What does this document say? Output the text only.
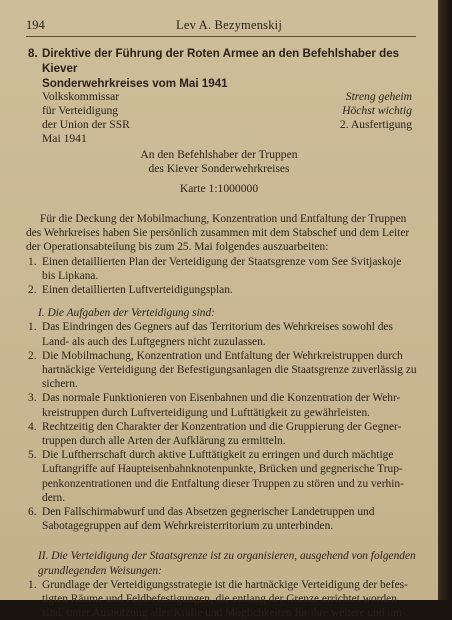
194	Lev A. Bezymenskij
8. Direktive der Führung der Roten Armee an den Befehlshaber des Kiever
Sonderwehrkreises vom Mai 1941
Volkskommissar
für Verteidigung
der Union der SSR
Mai 1941
Streng geheim
Höchst wichtig
2. Ausfertigung
An den Befehlshaber der Truppen
des Kiever Sonderwehrkreises
Karte 1:1000000

Für die Deckung der Mobilmachung, Konzentration und Entfaltung der Truppen

des Wehrkreises haben Sie persönlich zusammen mit dem Stabschef und dem Leiter

der Operationsabteilung bis zum 25. Mai folgendes auszuarbeiten:

1. Einen detaillierten Plan der Verteidigung der Staatsgrenze vom See Svitjaskoje
bis Lipkana.
2. Einen detaillierten Luftverteidigungsplan.

I. Die Aufgaben der Verteidigung sind:

1. Das Eindringen des Gegners auf das Territorium des Wehrkreises sowohl des
Land- als auch des Luftgegners nicht zuzulassen.
2. Die Mobilmachung, Konzentration und Entfaltung der Wehrkreistruppen durch
hartnäckige Verteidigung der Befestigungsanlagen die Staatsgrenze zuverlässig zu
sichern.
3. Das normale Funktionieren von Eisenbahnen und die Konzentration der Wehr-
kreistruppen durch Luftverteidigung und Lufttätigkeit zu gewährleisten.
4. Rechtzeitig den Charakter der Konzentration und die Gruppierung der Gegner-
truppen durch alle Arten der Aufklärung zu ermitteln.
5. Die Luftherrschaft durch aktive Lufttätigkeit zu erringen und durch mächtige
Luftangriffe auf Haupteisenbahnknotenpunkte, Brücken und gegnerische Trup-
penkonzentrationen und die Entfaltung dieser Truppen zu stören und zu verhin-
dern.
6. Den Fallschirmabwurf und das Absetzen gegnerischer Landetruppen und
Sabotagegruppen auf dem Wehrkreisterritorium zu unterbinden.

II. Die Verteidigung der Staatsgrenze ist zu organisieren, ausgehend von folgenden

grundlegenden Weisungen:

1. Grundlage der Verteidigungsstrategie ist die hartnäckige Verteidigung der befes-
tigten Räume und Feldbefestigungen, die entlang der Grenze errichtet worden
sind, unter Ausnutzung aller Kräfte und Möglichkeiten für ihre weitere und um-
